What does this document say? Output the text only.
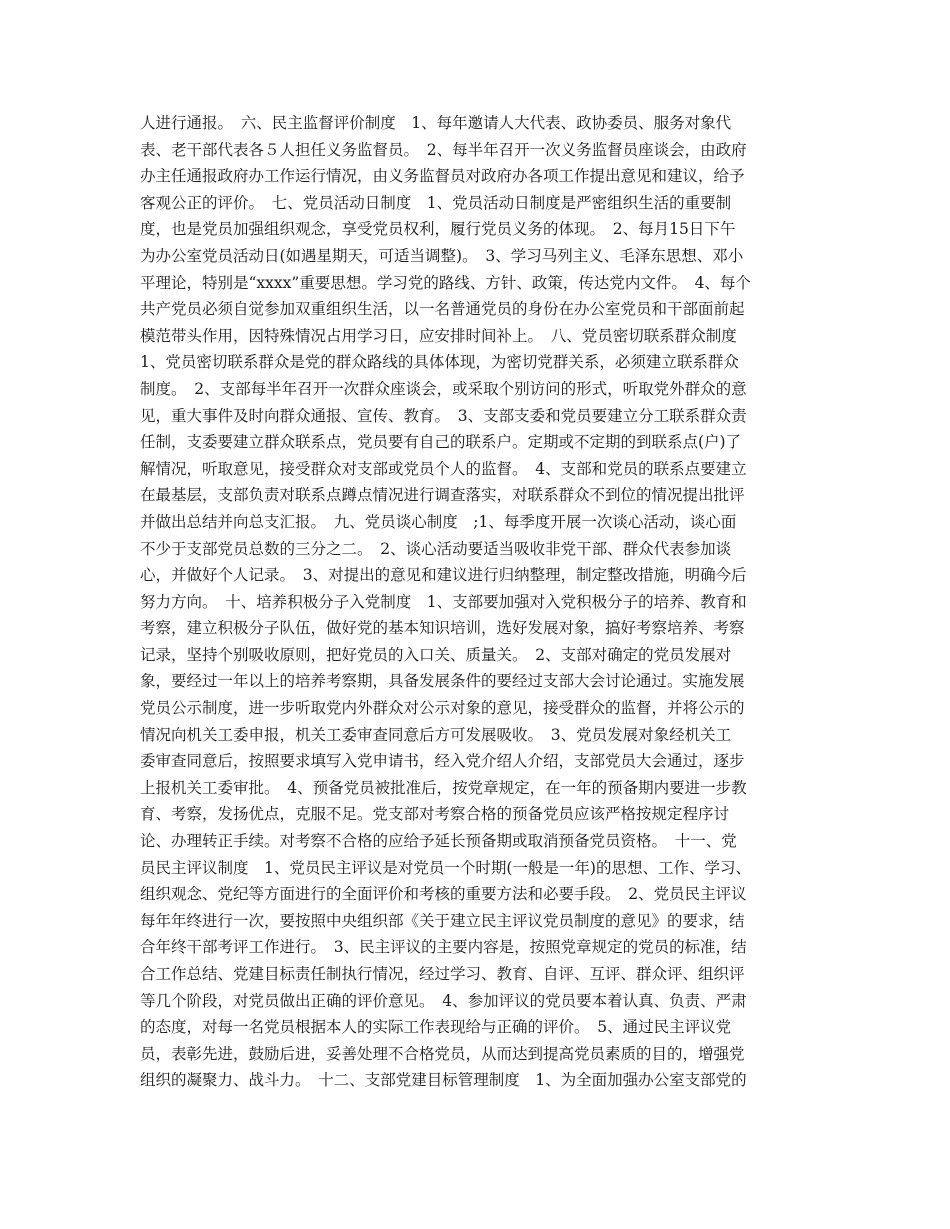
人进行通报。　六、民主监督评价制度　1、每年邀请人大代表、政协委员、服务对象代
表、老干部代表各５人担任义务监督员。　2、每半年召开一次义务监督员座谈会，由政府
办主任通报政府办工作运行情况，由义务监督员对政府办各项工作提出意见和建议，给予
客观公正的评价。　七、党员活动日制度　1、党员活动日制度是严密组织生活的重要制
度，也是党员加强组织观念，享受党员权利，履行党员义务的体现。　2、每月15日下午
为办公室党员活动日(如遇星期天，可适当调整)。　3、学习马列主义、毛泽东思想、邓小
平理论，特别是“xxxx”重要思想。学习党的路线、方针、政策，传达党内文件。　4、每个
共产党员必须自觉参加双重组织生活，以一名普通党员的身份在办公室党员和干部面前起
模范带头作用，因特殊情况占用学习日，应安排时间补上。　八、党员密切联系群众制度
1、党员密切联系群众是党的群众路线的具体体现，为密切党群关系，必须建立联系群众
制度。　2、支部每半年召开一次群众座谈会，或采取个别访问的形式，听取党外群众的意
见，重大事件及时向群众通报、宣传、教育。　3、支部支委和党员要建立分工联系群众责
任制，支委要建立群众联系点，党员要有自己的联系户。定期或不定期的到联系点(户)了
解情况，听取意见，接受群众对支部或党员个人的监督。　4、支部和党员的联系点要建立
在最基层，支部负责对联系点蹲点情况进行调查落实，对联系群众不到位的情况提出批评
并做出总结并向总支汇报。　九、党员谈心制度　;1、每季度开展一次谈心活动，谈心面
不少于支部党员总数的三分之二。　2、谈心活动要适当吸收非党干部、群众代表参加谈
心，并做好个人记录。　3、对提出的意见和建议进行归纳整理，制定整改措施，明确今后
努力方向。　十、培养积极分子入党制度　1、支部要加强对入党积极分子的培养、教育和
考察，建立积极分子队伍，做好党的基本知识培训，选好发展对象，搞好考察培养、考察
记录，坚持个别吸收原则，把好党员的入口关、质量关。　2、支部对确定的党员发展对
象，要经过一年以上的培养考察期，具备发展条件的要经过支部大会讨论通过。实施发展
党员公示制度，进一步听取党内外群众对公示对象的意见，接受群众的监督，并将公示的
情况向机关工委申报，机关工委审查同意后方可发展吸收。　3、党员发展对象经机关工
委审查同意后，按照要求填写入党申请书，经入党介绍人介绍，支部党员大会通过，逐步
上报机关工委审批。　4、预备党员被批准后，按党章规定，在一年的预备期内要进一步教
育、考察，发扬优点，克服不足。党支部对考察合格的预备党员应该严格按规定程序讨
论、办理转正手续。对考察不合格的应给予延长预备期或取消预备党员资格。　十一、党
员民主评议制度　1、党员民主评议是对党员一个时期(一般是一年)的思想、工作、学习、
组织观念、党纪等方面进行的全面评价和考核的重要方法和必要手段。　2、党员民主评议
每年年终进行一次，要按照中央组织部《关于建立民主评议党员制度的意见》的要求，结
合年终干部考评工作进行。　3、民主评议的主要内容是，按照党章规定的党员的标准，结
合工作总结、党建目标责任制执行情况，经过学习、教育、自评、互评、群众评、组织评
等几个阶段，对党员做出正确的评价意见。　4、参加评议的党员要本着认真、负责、严肃
的态度，对每一名党员根据本人的实际工作表现给与正确的评价。　5、通过民主评议党
员，表彰先进，鼓励后进，妥善处理不合格党员，从而达到提高党员素质的目的，增强党
组织的凝聚力、战斗力。　十二、支部党建目标管理制度　1、为全面加强办公室支部党的
